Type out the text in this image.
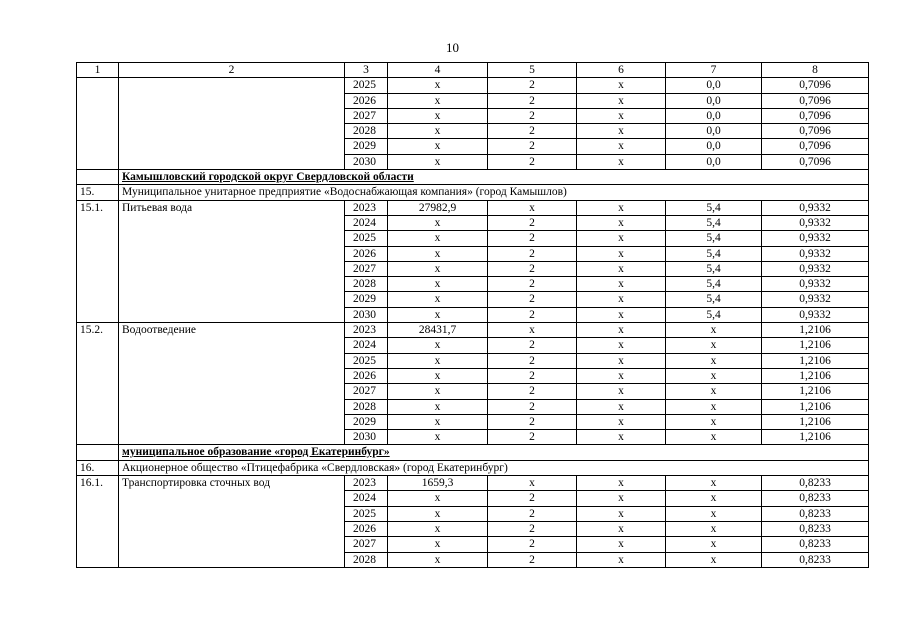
10
1	2	3	4	5	6	7	8
		2025	х	2	х	0,0	0,7096
		2026	х	2	х	0,0	0,7096
		2027	х	2	х	0,0	0,7096
		2028	х	2	х	0,0	0,7096
		2029	х	2	х	0,0	0,7096
		2030	х	2	х	0,0	0,7096
	Камышловский городской округ Свердловской области						
15.	Муниципальное унитарное предприятие «Водоснабжающая компания» (город Камышлов)						
15.1.	Питьевая вода	2023	27982,9	х	х	5,4	0,9332
		2024	х	2	х	5,4	0,9332
		2025	х	2	х	5,4	0,9332
		2026	х	2	х	5,4	0,9332
		2027	х	2	х	5,4	0,9332
		2028	х	2	х	5,4	0,9332
		2029	х	2	х	5,4	0,9332
		2030	х	2	х	5,4	0,9332
15.2.	Водоотведение	2023	28431,7	х	х	х	1,2106
		2024	х	2	х	х	1,2106
		2025	х	2	х	х	1,2106
		2026	х	2	х	х	1,2106
		2027	х	2	х	х	1,2106
		2028	х	2	х	х	1,2106
		2029	х	2	х	х	1,2106
		2030	х	2	х	х	1,2106
	муниципальное образование «город Екатеринбург»						
16.	Акционерное общество «Птицефабрика «Свердловская» (город Екатеринбург)						
16.1.	Транспортировка сточных вод	2023	1659,3	х	х	х	0,8233
		2024	х	2	х	х	0,8233
		2025	х	2	х	х	0,8233
		2026	х	2	х	х	0,8233
		2027	х	2	х	х	0,8233
		2028	х	2	х	х	0,8233
